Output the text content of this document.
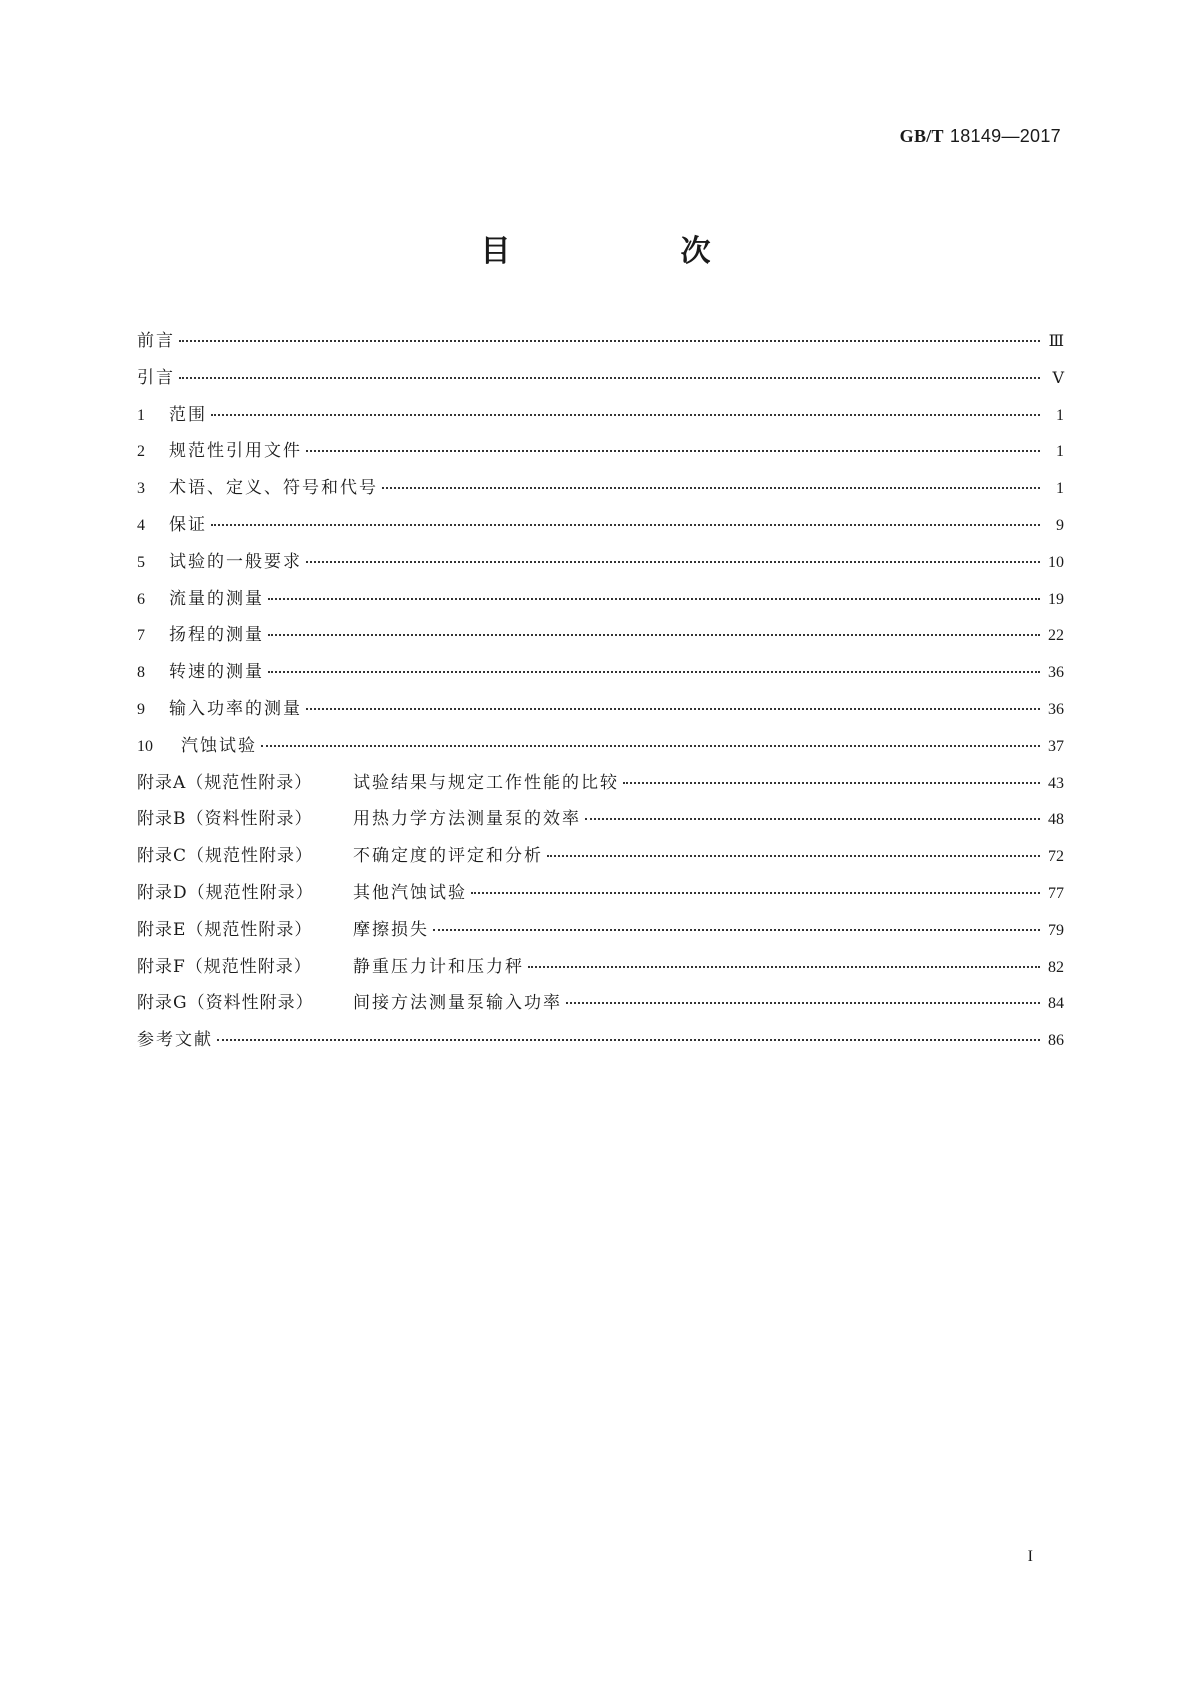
GB/T 18149—2017
目　次
前言	Ⅲ
引言	Ⅴ
1	范围	1
2	规范性引用文件	1
3	术语、定义、符号和代号	1
4	保证	9
5	试验的一般要求	10
6	流量的测量	19
7	扬程的测量	22
8	转速的测量	36
9	输入功率的测量	36
10	汽蚀试验	37
附录A（规范性附录）	试验结果与规定工作性能的比较	43
附录B（资料性附录）	用热力学方法测量泵的效率	48
附录C（规范性附录）	不确定度的评定和分析	72
附录D（规范性附录）	其他汽蚀试验	77
附录E（规范性附录）	摩擦损失	79
附录F（规范性附录）	静重压力计和压力秤	82
附录G（资料性附录）	间接方法测量泵输入功率	84
参考文献	86
I
